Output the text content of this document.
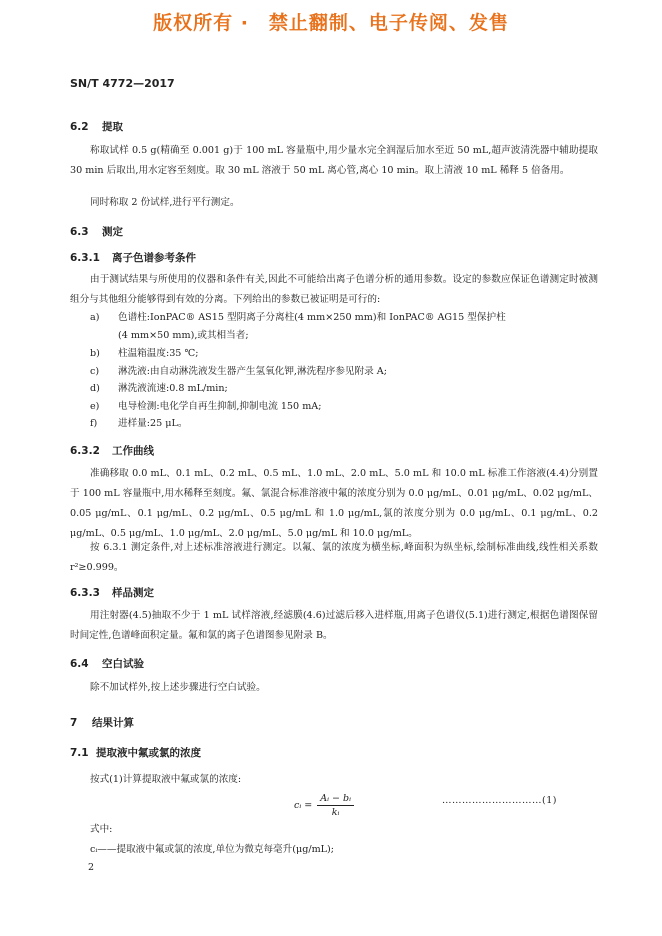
版权所有 ·　禁止翻制、电子传阅、发售
SN/T 4772—2017
6.2 提取
称取试样 0.5 g(精确至 0.001 g)于 100 mL 容量瓶中,用少量水完全润湿后加水至近 50 mL,超声波清洗器中辅助提取 30 min 后取出,用水定容至刻度。取 30 mL 溶液于 50 mL 离心管,离心 10 min。取上清液 10 mL 稀释 5 倍备用。
同时称取 2 份试样,进行平行测定。
6.3 测定
6.3.1 离子色谱参考条件
由于测试结果与所使用的仪器和条件有关,因此不可能给出离子色谱分析的通用参数。设定的参数应保证色谱测定时被测组分与其他组分能够得到有效的分离。下列给出的参数已被证明是可行的:
a) 色谱柱:IonPAC® AS15 型阴离子分离柱(4 mm×250 mm)和 IonPAC® AG15 型保护柱
(4 mm×50 mm),或其相当者;
b) 柱温箱温度:35 ℃;
c) 淋洗液:由自动淋洗液发生器产生氢氧化钾,淋洗程序参见附录 A;
d) 淋洗液流速:0.8 mL/min;
e) 电导检测:电化学自再生抑制,抑制电流 150 mA;
f) 进样量:25 μL。
6.3.2 工作曲线
准确移取 0.0 mL、0.1 mL、0.2 mL、0.5 mL、1.0 mL、2.0 mL、5.0 mL 和 10.0 mL 标准工作溶液(4.4)分别置于 100 mL 容量瓶中,用水稀释至刻度。氟、氯混合标准溶液中氟的浓度分别为 0.0 μg/mL、0.01 μg/mL、0.02 μg/mL、0.05 μg/mL、0.1 μg/mL、0.2 μg/mL、0.5 μg/mL 和 1.0 μg/mL,氯的浓度分别为 0.0 μg/mL、0.1 μg/mL、0.2 μg/mL、0.5 μg/mL、1.0 μg/mL、2.0 μg/mL、5.0 μg/mL 和 10.0 μg/mL。
按 6.3.1 测定条件,对上述标准溶液进行测定。以氟、氯的浓度为横坐标,峰面积为纵坐标,绘制标准曲线,线性相关系数 r²≥0.999。
6.3.3 样品测定
用注射器(4.5)抽取不少于 1 mL 试样溶液,经滤膜(4.6)过滤后移入进样瓶,用离子色谱仪(5.1)进行测定,根据色谱图保留时间定性,色谱峰面积定量。氟和氯的离子色谱图参见附录 B。
6.4 空白试验
除不加试样外,按上述步骤进行空白试验。
7 结果计算
7.1 提取液中氟或氯的浓度
按式(1)计算提取液中氟或氯的浓度:
cᵢ = $\frac{\text{Aᵢ − bᵢ}}{\text{kᵢ}}$	…………………………(1)
式中:
cᵢ——提取液中氟或氯的浓度,单位为微克每毫升(μg/mL);
2
